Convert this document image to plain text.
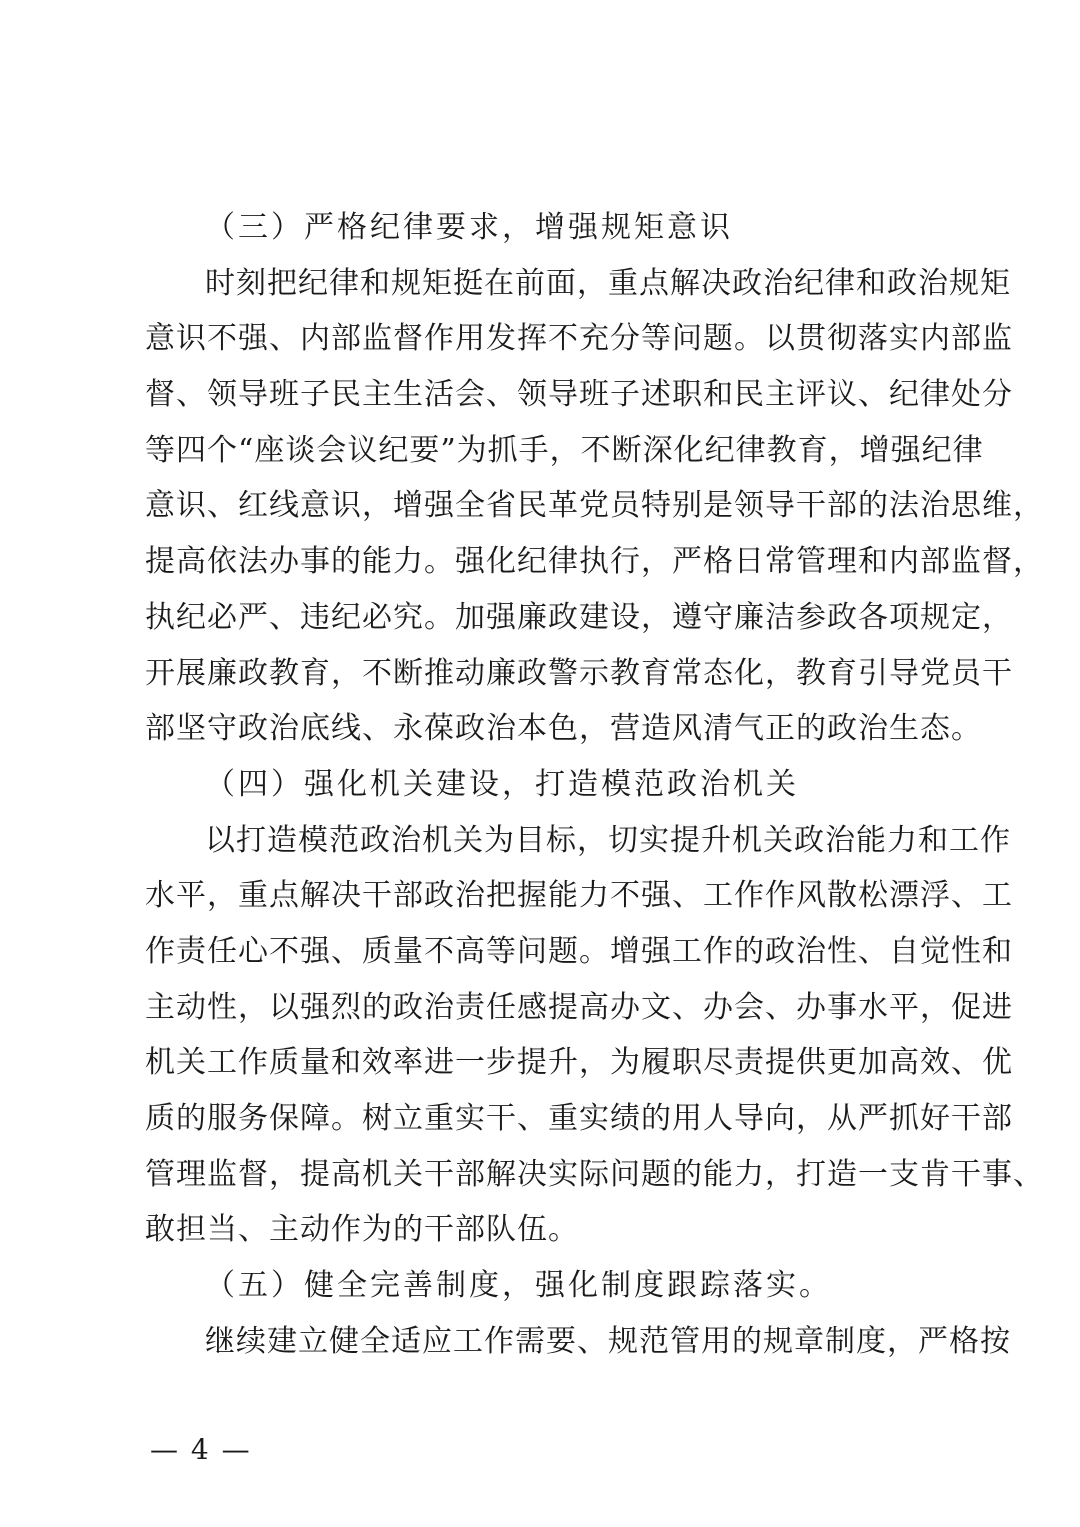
（三）严格纪律要求，增强规矩意识
时刻把纪律和规矩挺在前面，重点解决政治纪律和政治规矩
意识不强、内部监督作用发挥不充分等问题。以贯彻落实内部监
督、领导班子民主生活会、领导班子述职和民主评议、纪律处分
等四个“座谈会议纪要”为抓手，不断深化纪律教育，增强纪律
意识、红线意识，增强全省民革党员特别是领导干部的法治思维，
提高依法办事的能力。强化纪律执行，严格日常管理和内部监督，
执纪必严、违纪必究。加强廉政建设，遵守廉洁参政各项规定，
开展廉政教育，不断推动廉政警示教育常态化，教育引导党员干
部坚守政治底线、永葆政治本色，营造风清气正的政治生态。
（四）强化机关建设，打造模范政治机关
以打造模范政治机关为目标，切实提升机关政治能力和工作
水平，重点解决干部政治把握能力不强、工作作风散松漂浮、工
作责任心不强、质量不高等问题。增强工作的政治性、自觉性和
主动性，以强烈的政治责任感提高办文、办会、办事水平，促进
机关工作质量和效率进一步提升，为履职尽责提供更加高效、优
质的服务保障。树立重实干、重实绩的用人导向，从严抓好干部
管理监督，提高机关干部解决实际问题的能力，打造一支肯干事、
敢担当、主动作为的干部队伍。
（五）健全完善制度，强化制度跟踪落实。
继续建立健全适应工作需要、规范管用的规章制度，严格按
— 4 —
